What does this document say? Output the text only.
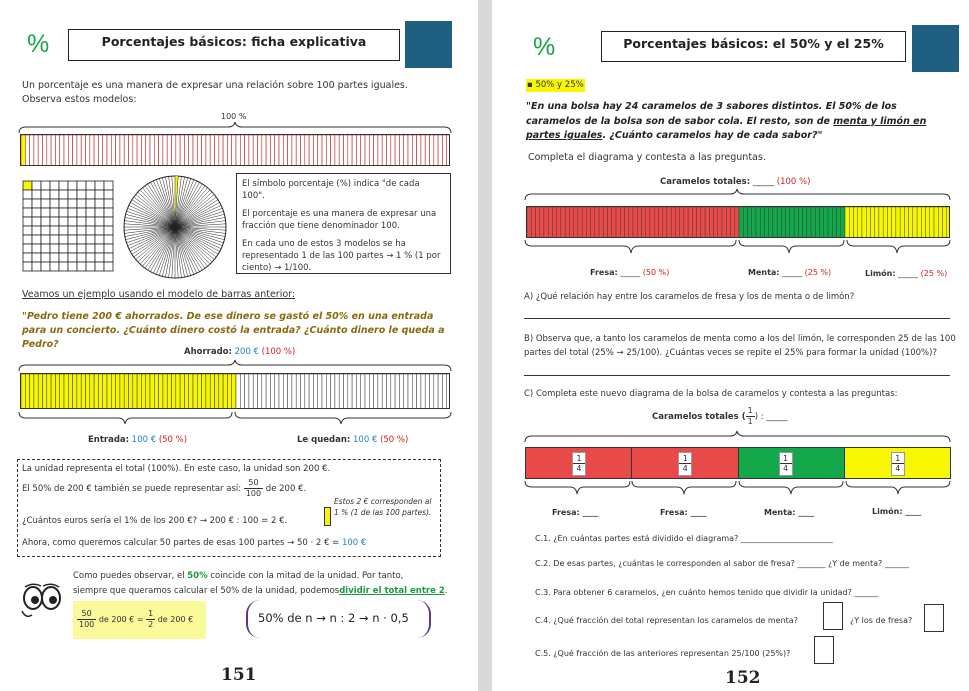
%	Porcentajes básicos: ficha explicativa
Un porcentaje es una manera de expresar una relación sobre 100 partes iguales.
Observa estos modelos:
100 %
El símbolo porcentaje (%) indica "de cada 100".
El porcentaje es una manera de expresar una fracción que tiene denominador 100.
En cada uno de estos 3 modelos se ha representado 1 de las 100 partes → 1 % (1 por ciento) → 1/100.
Veamos un ejemplo usando el modelo de barras anterior:
"Pedro tiene 200 € ahorrados. De ese dinero se gastó el 50% en una entrada para un concierto. ¿Cuánto dinero costó la entrada? ¿Cuánto dinero le queda a Pedro?
Ahorrado: 200 € (100 %)
Entrada: 100 € (50 %)	Le quedan: 100 € (50 %)
La unidad representa el total (100%). En este caso, la unidad son 200 €.
El 50% de 200 € también se puede representar así: $\frac{50}{100}$ de 200 €.
Estos 2 € corresponden al 1 % (1 de las 100 partes).
¿Cuántos euros sería el 1% de los 200 €? → 200 € : 100 = 2 €.
Ahora, como queremos calcular 50 partes de esas 100 partes → 50 · 2 € = 100 €
Como puedes observar, el 50% coincide con la mitad de la unidad. Por tanto,
siempre que queramos calcular el 50% de la unidad, podemosdividir el total entre 2.
$\frac{50}{100}$ de 200 € = $\frac{1}{2}$ de 200 €	50% de n → n : 2 → n · 0,5
151
%	Porcentajes básicos: el 50% y el 25%
▪ 50% y 25%
"En una bolsa hay 24 caramelos de 3 sabores distintos. El 50% de los caramelos de la bolsa son de sabor cola. El resto, son de menta y limón en partes iguales. ¿Cuánto caramelos hay de cada sabor?"
Completa el diagrama y contesta a las preguntas.
Caramelos totales: _____ (100 %)
Fresa: _____ (50 %)	Menta: _____ (25 %)	Limón: _____ (25 %)
A) ¿Qué relación hay entre los caramelos de fresa y los de menta o de limón?
B) Observa que, a tanto los caramelos de menta como a los del limón, le corresponden 25 de las 100
partes del total (25% → 25/100). ¿Cuántas veces se repite el 25% para formar la unidad (100%)?
C) Completa este nuevo diagrama de la bolsa de caramelos y contesta a las preguntas:
Caramelos totales ( $\frac{1}{1}$ ) : _____
$\frac{1}{4}$	$\frac{1}{4}$	$\frac{1}{4}$	$\frac{1}{4}$
Fresa: ____	Fresa: ____	Menta: ____	Limón: ____
C.1. ¿En cuántas partes está dividido el diagrama? _______________________
C.2. De esas partes, ¿cuántas le corresponden al sabor de fresa? _______ ¿Y de menta? ______
C.3. Para obtener 6 caramelos, ¿en cuánto hemos tenido que dividir la unidad? ______
C.4. ¿Qué fracción del total representan los caramelos de menta?	¿Y los de fresa?
C.5. ¿Qué fracción de las anteriores representan 25/100 (25%)?
152
